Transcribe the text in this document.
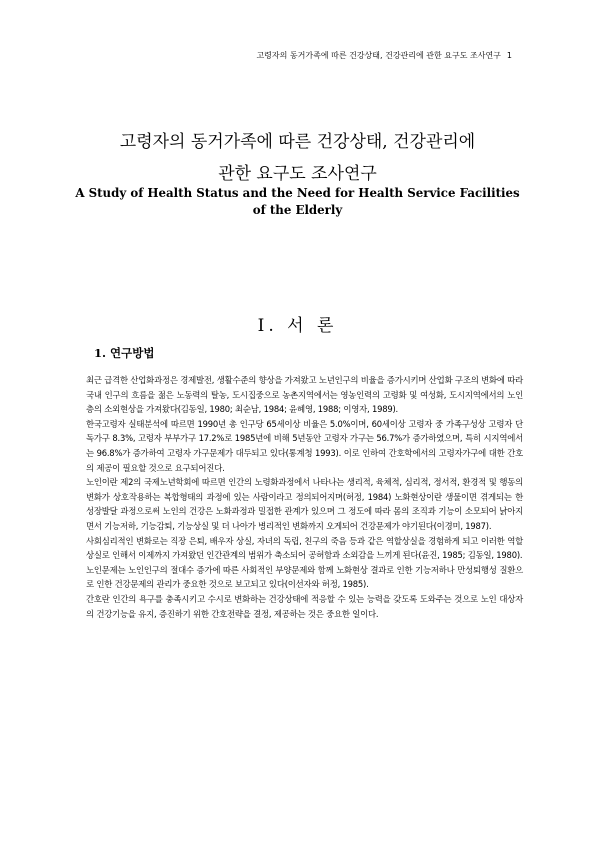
고령자의 동거가족에 따른 건강상태, 건강관리에 관한 요구도 조사연구 1
고령자의 동거가족에 따른 건강상태, 건강관리에
관한 요구도 조사연구
A Study of Health Status and the Need for Health Service Facilities
of the Elderly
Ⅰ. 서 론
1. 연구방법

최근 급격한 산업화과정은 경제발전, 생활수준의 향상을 가져왔고 노년인구의 비율을 증가시키며 산업화 구조의 변화에 따라 국내 인구의 흐름을 젊은 노동력의 탈농, 도시집중으로 농촌지역에서는 영농인력의 고령화 및 여성화, 도시지역에서의 노인층의 소외현상을 가져왔다(김동일, 1980; 최순남, 1984; 윤혜영, 1988; 이영자, 1989).

한국고령자 실태분석에 따르면 1990년 총 인구당 65세이상 비율은 5.0%이며, 60세이상 고령자 중 가족구성상 고령자 단독가구 8.3%, 고령자 부부가구 17.2%로 1985년에 비해 5년동안 고령자 가구는 56.7%가 증가하였으며, 특히 시지역에서는 96.8%가 증가하여 고령자 가구문제가 대두되고 있다(통계청 1993). 이로 인하여 간호학에서의 고령자가구에 대한 간호의 제공이 필요할 것으로 요구되어진다.

노인이란 제2의 국제노년학회에 따르면 인간의 노령화과정에서 나타나는 생리적, 육체적, 심리적, 정서적, 환경적 및 행동의 변화가 상호작용하는 복합형태의 과정에 있는 사람이라고 정의되어지며(허정, 1984) 노화현상이란 생물이면 겪게되는 한 성장발달 과정으로써 노인의 건강은 노화과정과 밀접한 관계가 있으며 그 정도에 따라 몸의 조직과 기능이 소모되어 낡아지면서 기능저하, 기능감퇴, 기능상실 및 더 나아가 병리적인 변화까지 오게되어 건강문제가 야기된다(이경미, 1987).

사회심리적인 변화로는 직장 은퇴, 배우자 상실, 자녀의 독립, 친구의 죽음 등과 같은 역할상실을 경험하게 되고 이러한 역할상실로 인해서 이제까지 가져왔던 인간관계의 범위가 축소되어 공허함과 소외감을 느끼게 된다(윤진, 1985; 김동일, 1980).

노인문제는 노인인구의 절대수 증가에 따른 사회적인 부양문제와 함께 노화현상 결과로 인한 기능저하나 만성퇴행성 질환으로 인한 건강문제의 관리가 중요한 것으로 보고되고 있다(이선자와 허정, 1985).

간호란 인간의 욕구를 충족시키고 수시로 변화하는 건강상태에 적응할 수 있는 능력을 갖도록 도와주는 것으로 노인 대상자의 건강기능을 유지, 증진하기 위한 간호전략을 결정, 제공하는 것은 중요한 일이다.
